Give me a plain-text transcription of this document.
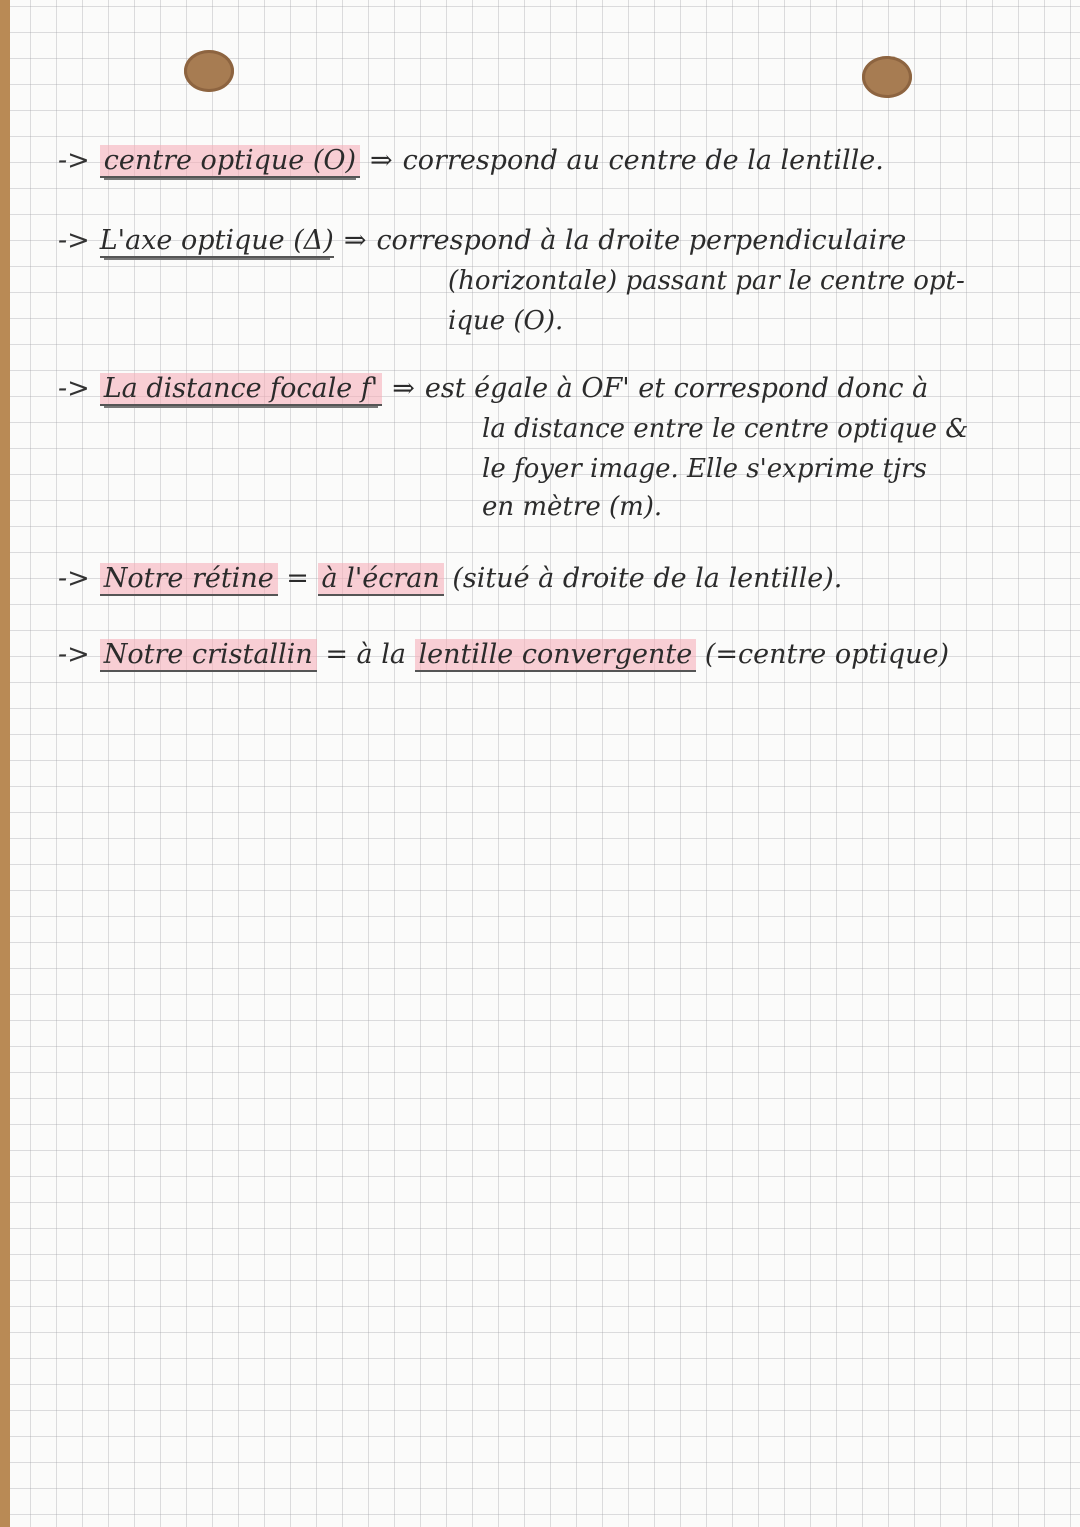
-> centre optique (O) ⇒ correspond au centre de la lentille.
-> L'axe optique (Δ) ⇒ correspond à la droite perpendiculaire
(horizontale) passant par le centre opt-
ique (O).
-> La distance focale f' ⇒ est égale à OF' et correspond donc à
la distance entre le centre optique &
le foyer image. Elle s'exprime tjrs
en mètre (m).
-> Notre rétine = à l'écran (situé à droite de la lentille).
-> Notre cristallin = à la lentille convergente (=centre optique)
